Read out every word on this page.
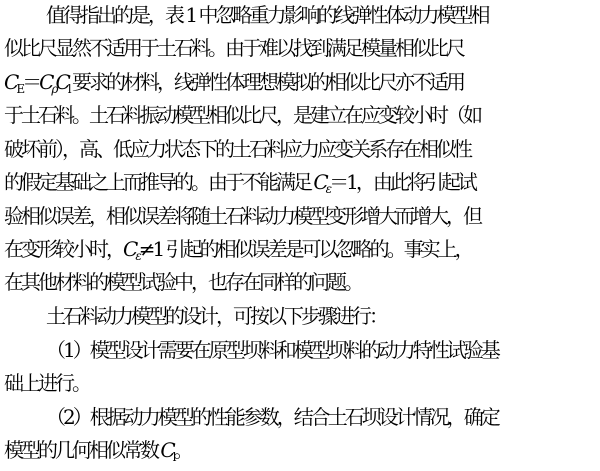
值得指出的是，表 1 中忽略重力影响的线弹性体动力模型相
似比尺显然不适用于土石料。由于难以找到满足模量相似比尺
$C_E=C_\rho C_l$ 要求的材料，线弹性体理想模拟的相似比尺亦不适用
于土石料。土石料振动模型相似比尺，是建立在应变较小时（如
破坏前），高、低应力状态下的土石料应力应变关系存在相似性
的假定基础之上而推导的。由于不能满足 $C_\varepsilon=1$，由此将引起试
验相似误差，相似误差将随土石料动力模型变形增大而增大，但
在变形较小时，$C_\varepsilon\ne 1$ 引起的相似误差是可以忽略的。事实上，
在其他材料的模型试验中，也存在同样的问题。
土石料动力模型的设计，可按以下步骤进行：
（1）模型设计需要在原型坝料和模型坝料的动力特性试验基
础上进行。
（2）根据动力模型的性能参数，结合土石坝设计情况，确定
模型的几何相似常数 $C_l$。
